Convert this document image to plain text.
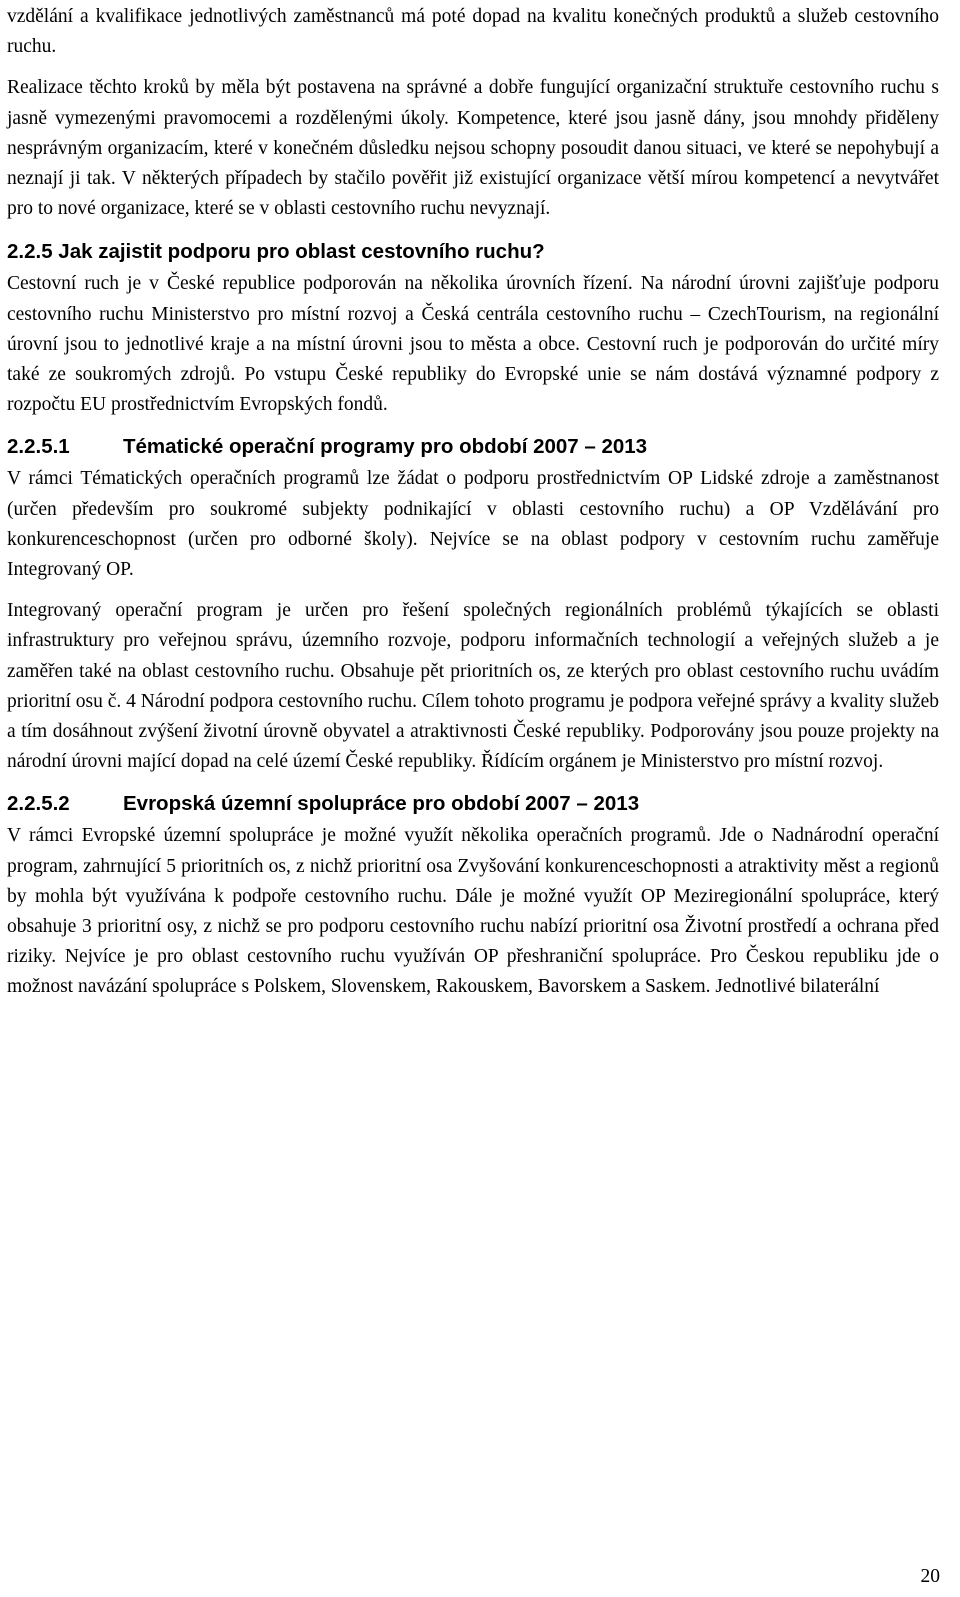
vzdělání a kvalifikace jednotlivých zaměstnanců má poté dopad na kvalitu konečných produktů a služeb cestovního ruchu.

Realizace těchto kroků by měla být postavena na správné a dobře fungující organizační struktuře cestovního ruchu s jasně vymezenými pravomocemi a rozdělenými úkoly. Kompetence, které jsou jasně dány, jsou mnohdy přiděleny nesprávným organizacím, které v konečném důsledku nejsou schopny posoudit danou situaci, ve které se nepohybují a neznají ji tak. V některých případech by stačilo pověřit již existující organizace větší mírou kompetencí a nevytvářet pro to nové organizace, které se v oblasti cestovního ruchu nevyznají.

2.2.5 Jak zajistit podporu pro oblast cestovního ruchu?

Cestovní ruch je v České republice podporován na několika úrovních řízení. Na národní úrovni zajišťuje podporu cestovního ruchu Ministerstvo pro místní rozvoj a Česká centrála cestovního ruchu – CzechTourism, na regionální úrovní jsou to jednotlivé kraje a na místní úrovni jsou to města a obce. Cestovní ruch je podporován do určité míry také ze soukromých zdrojů. Po vstupu České republiky do Evropské unie se nám dostává významné podpory z rozpočtu EU prostřednictvím Evropských fondů.

2.2.5.1	Tématické operační programy pro období 2007 – 2013

V rámci Tématických operačních programů lze žádat o podporu prostřednictvím OP Lidské zdroje a zaměstnanost (určen především pro soukromé subjekty podnikající v oblasti cestovního ruchu) a OP Vzdělávání pro konkurenceschopnost (určen pro odborné školy). Nejvíce se na oblast podpory v cestovním ruchu zaměřuje Integrovaný OP.

Integrovaný operační program je určen pro řešení společných regionálních problémů týkajících se oblasti infrastruktury pro veřejnou správu, územního rozvoje, podporu informačních technologií a veřejných služeb a je zaměřen také na oblast cestovního ruchu. Obsahuje pět prioritních os, ze kterých pro oblast cestovního ruchu uvádím prioritní osu č. 4 Národní podpora cestovního ruchu. Cílem tohoto programu je podpora veřejné správy a kvality služeb a tím dosáhnout zvýšení životní úrovně obyvatel a atraktivnosti České republiky. Podporovány jsou pouze projekty na národní úrovni mající dopad na celé území České republiky. Řídícím orgánem je Ministerstvo pro místní rozvoj.

2.2.5.2	Evropská územní spolupráce pro období 2007 – 2013

V rámci Evropské územní spolupráce je možné využít několika operačních programů. Jde o Nadnárodní operační program, zahrnující 5 prioritních os, z nichž prioritní osa Zvyšování konkurenceschopnosti a atraktivity měst a regionů by mohla být využívána k podpoře cestovního ruchu. Dále je možné využít OP Meziregionální spolupráce, který obsahuje 3 prioritní osy, z nichž se pro podporu cestovního ruchu nabízí prioritní osa Životní prostředí a ochrana před riziky. Nejvíce je pro oblast cestovního ruchu využíván OP přeshraniční spolupráce. Pro Českou republiku jde o možnost navázání spolupráce s Polskem, Slovenskem, Rakouskem, Bavorskem a Saskem. Jednotlivé bilaterální

20
